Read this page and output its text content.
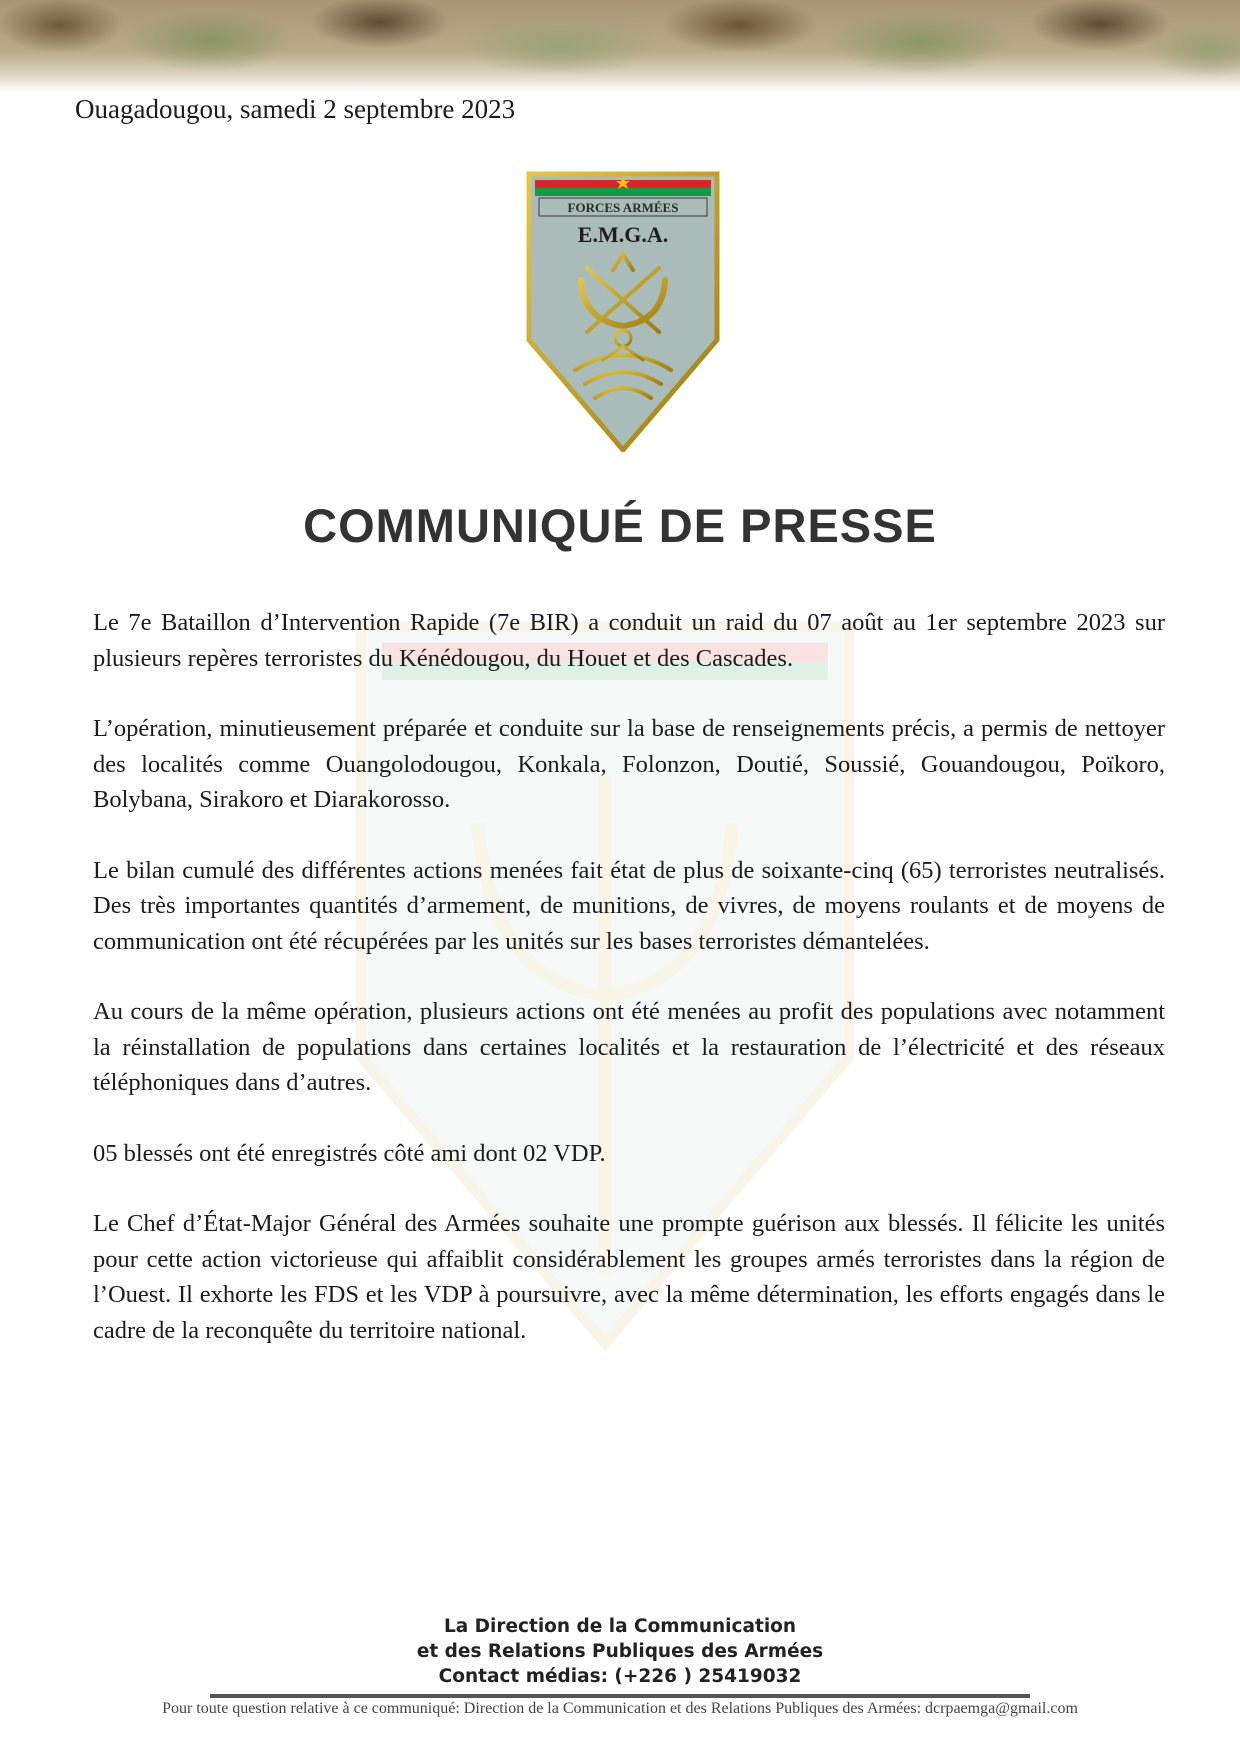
Ouagadougou, samedi 2 septembre 2023
FORCES ARMÉES
E.M.G.A.
COMMUNIQUÉ DE PRESSE

Le 7e Bataillon d’Intervention Rapide (7e BIR) a conduit un raid du 07 août au 1er septembre 2023 sur plusieurs repères terroristes du Kénédougou, du Houet et des Cascades.

L’opération, minutieusement préparée et conduite sur la base de renseignements précis, a permis de nettoyer des localités comme Ouangolodougou, Konkala, Folonzon, Doutié, Soussié, Gouandougou, Poïkoro, Bolybana, Sirakoro et Diarakorosso.

Le bilan cumulé des différentes actions menées fait état de plus de soixante-cinq (65) terroristes neutralisés. Des très importantes quantités d’armement, de munitions, de vivres, de moyens roulants et de moyens de communication ont été récupérées par les unités sur les bases terroristes démantelées.

Au cours de la même opération, plusieurs actions ont été menées au profit des populations avec notamment la réinstallation de populations dans certaines localités et la restauration de l’électricité et des réseaux téléphoniques dans d’autres.

05 blessés ont été enregistrés côté ami dont 02 VDP.

Le Chef d’État-Major Général des Armées souhaite une prompte guérison aux blessés. Il félicite les unités pour cette action victorieuse qui affaiblit considérablement les groupes armés terroristes dans la région de l’Ouest. Il exhorte les FDS et les VDP à poursuivre, avec la même détermination, les efforts engagés dans le cadre de la reconquête du territoire national.

La Direction de la Communication
et des Relations Publiques des Armées
Contact médias: (+226 ) 25419032
Pour toute question relative à ce communiqué: Direction de la Communication et des Relations Publiques des Armées: dcrpaemga@gmail.com
